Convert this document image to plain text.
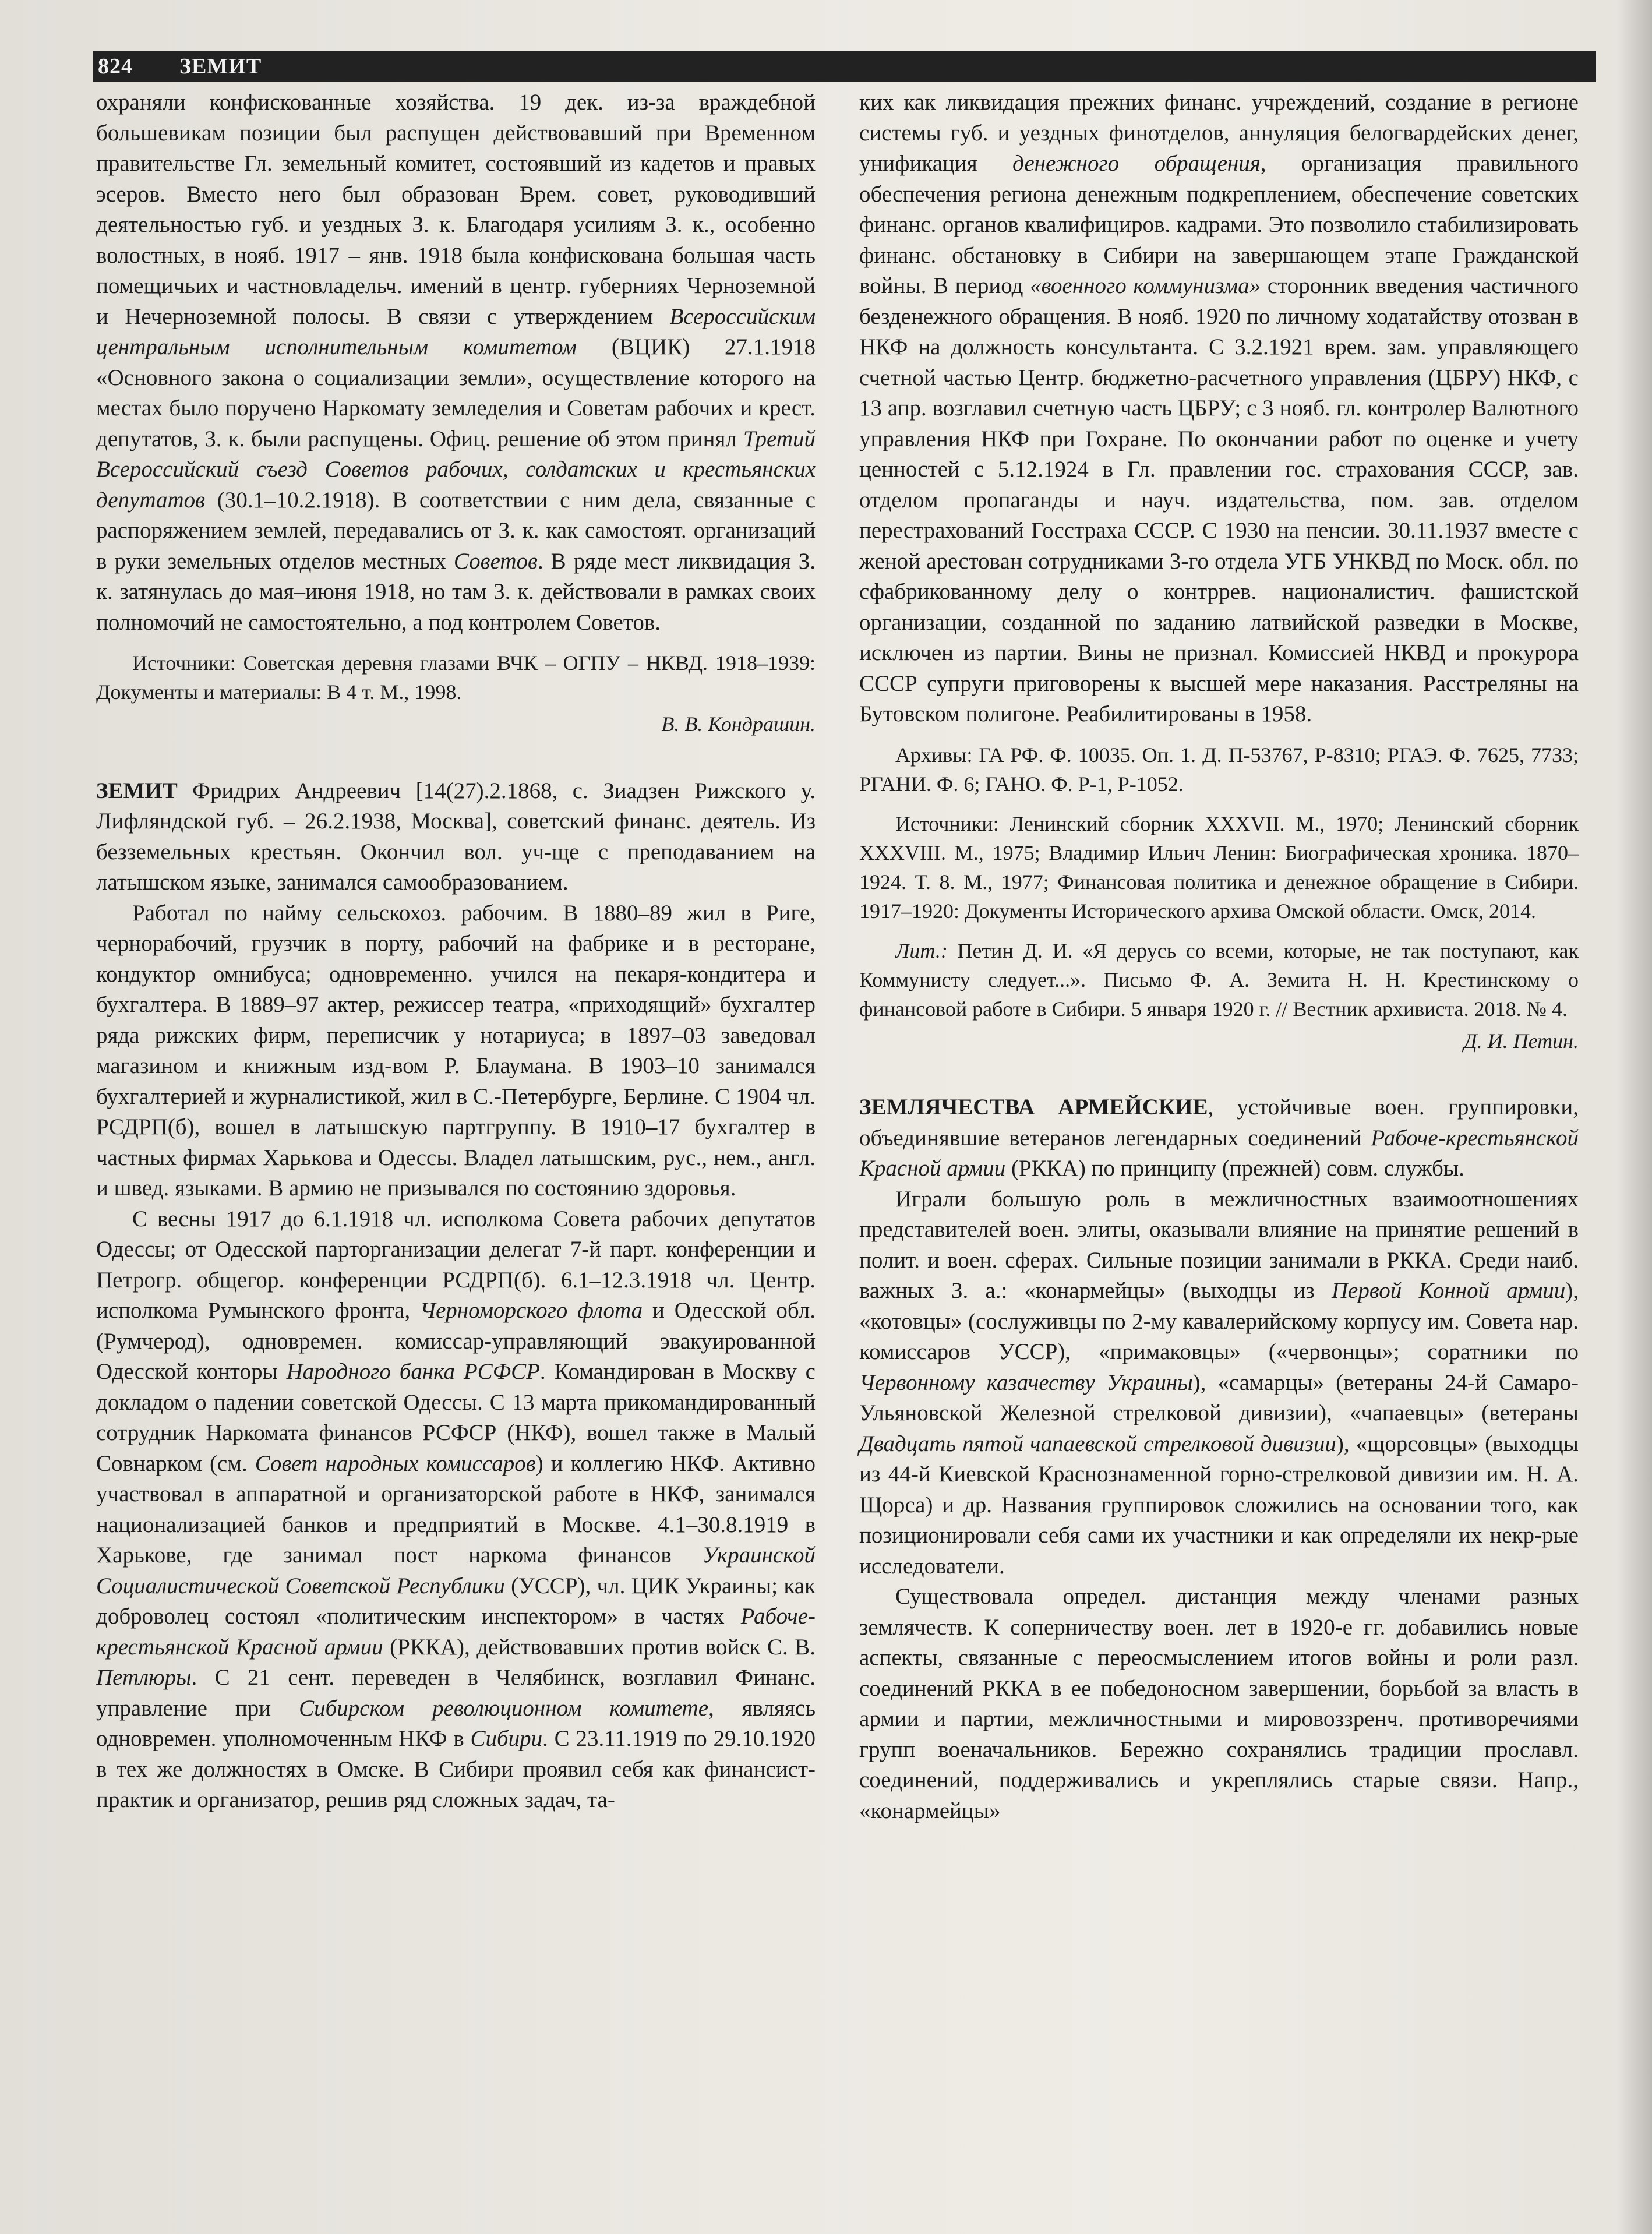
824 ЗЕМИТ

охраняли конфискованные хозяйства. 19 дек. из-за враждебной большевикам позиции был распущен действовавший при Временном правительстве Гл. земельный комитет, состоявший из кадетов и правых эсеров. Вместо него был образован Врем. совет, руководивший деятельностью губ. и уездных З. к. Благодаря усилиям З. к., особенно волостных, в нояб. 1917 – янв. 1918 была конфискована большая часть помещичьих и частновладельч. имений в центр. губерниях Черноземной и Нечерноземной полосы. В связи с утверждением Всероссийским центральным исполнительным комитетом (ВЦИК) 27.1.1918 «Основного закона о социализации земли», осуществление которого на местах было поручено Наркомату земледелия и Советам рабочих и крест. депутатов, З. к. были распущены. Офиц. решение об этом принял Третий Всероссийский съезд Советов рабочих, солдатских и крестьянских депутатов (30.1–10.2.1918). В соответствии с ним дела, связанные с распоряжением землей, передавались от З. к. как самостоят. организаций в руки земельных отделов местных Советов. В ряде мест ликвидация З. к. затянулась до мая–июня 1918, но там З. к. действовали в рамках своих полномочий не самостоятельно, а под контролем Советов.

Источники: Советская деревня глазами ВЧК – ОГПУ – НКВД. 1918–1939: Документы и материалы: В 4 т. М., 1998.

В. В. Кондрашин.

ЗЕМИТ Фридрих Андреевич [14(27).2.1868, с. Зиадзен Рижского у. Лифляндской губ. – 26.2.1938, Москва], советский финанс. деятель. Из безземельных крестьян. Окончил вол. уч-ще с преподаванием на латышском языке, занимался самообразованием.

Работал по найму сельскохоз. рабочим. В 1880–89 жил в Риге, чернорабочий, грузчик в порту, рабочий на фабрике и в ресторане, кондуктор омнибуса; одновременно. учился на пекаря-кондитера и бухгалтера. В 1889–97 актер, режиссер театра, «приходящий» бухгалтер ряда рижских фирм, переписчик у нотариуса; в 1897–03 заведовал магазином и книжным изд-вом Р. Блаумана. В 1903–10 занимался бухгалтерией и журналистикой, жил в С.-Петербурге, Берлине. С 1904 чл. РСДРП(б), вошел в латышскую партгруппу. В 1910–17 бухгалтер в частных фирмах Харькова и Одессы. Владел латышским, рус., нем., англ. и швед. языками. В армию не призывался по состоянию здоровья.

С весны 1917 до 6.1.1918 чл. исполкома Совета рабочих депутатов Одессы; от Одесской парторганизации делегат 7-й парт. конференции и Петрогр. общегор. конференции РСДРП(б). 6.1–12.3.1918 чл. Центр. исполкома Румынского фронта, Черноморского флота и Одесской обл. (Румчерод), одновремен. комиссар-управляющий эвакуированной Одесской конторы Народного банка РСФСР. Командирован в Москву с докладом о падении советской Одессы. С 13 марта прикомандированный сотрудник Наркомата финансов РСФСР (НКФ), вошел также в Малый Совнарком (см. Совет народных комиссаров) и коллегию НКФ. Активно участвовал в аппаратной и организаторской работе в НКФ, занимался национализацией банков и предприятий в Москве. 4.1–30.8.1919 в Харькове, где занимал пост наркома финансов Украинской Социалистической Советской Республики (УССР), чл. ЦИК Украины; как доброволец состоял «политическим инспектором» в частях Рабоче-крестьянской Красной армии (РККА), действовавших против войск С. В. Петлюры. С 21 сент. переведен в Челябинск, возглавил Финанс. управление при Сибирском революционном комитете, являясь одновремен. уполномоченным НКФ в Сибири. С 23.11.1919 по 29.10.1920 в тех же должностях в Омске. В Сибири проявил себя как финансист-практик и организатор, решив ряд сложных задач, та-

ких как ликвидация прежних финанс. учреждений, создание в регионе системы губ. и уездных финотделов, аннуляция белогвардейских денег, унификация денежного обращения, организация правильного обеспечения региона денежным подкреплением, обеспечение советских финанс. органов квалифициров. кадрами. Это позволило стабилизировать финанс. обстановку в Сибири на завершающем этапе Гражданской войны. В период «военного коммунизма» сторонник введения частичного безденежного обращения. В нояб. 1920 по личному ходатайству отозван в НКФ на должность консультанта. С 3.2.1921 врем. зам. управляющего счетной частью Центр. бюджетно-расчетного управления (ЦБРУ) НКФ, с 13 апр. возглавил счетную часть ЦБРУ; с 3 нояб. гл. контролер Валютного управления НКФ при Гохране. По окончании работ по оценке и учету ценностей с 5.12.1924 в Гл. правлении гос. страхования СССР, зав. отделом пропаганды и науч. издательства, пом. зав. отделом перестрахований Госстраха СССР. С 1930 на пенсии. 30.11.1937 вместе с женой арестован сотрудниками 3-го отдела УГБ УНКВД по Моск. обл. по сфабрикованному делу о контррев. националистич. фашистской организации, созданной по заданию латвийской разведки в Москве, исключен из партии. Вины не признал. Комиссией НКВД и прокурора СССР супруги приговорены к высшей мере наказания. Расстреляны на Бутовском полигоне. Реабилитированы в 1958.

Архивы: ГА РФ. Ф. 10035. Оп. 1. Д. П-53767, Р-8310; РГАЭ. Ф. 7625, 7733; РГАНИ. Ф. 6; ГАНО. Ф. Р-1, Р-1052.

Источники: Ленинский сборник XXXVII. М., 1970; Ленинский сборник XXXVIII. М., 1975; Владимир Ильич Ленин: Биографическая хроника. 1870–1924. Т. 8. М., 1977; Финансовая политика и денежное обращение в Сибири. 1917–1920: Документы Исторического архива Омской области. Омск, 2014.

Лит.: Петин Д. И. «Я дерусь со всеми, которые, не так поступают, как Коммунисту следует...». Письмо Ф. А. Земита Н. Н. Крестинскому о финансовой работе в Сибири. 5 января 1920 г. // Вестник архивиста. 2018. № 4.

Д. И. Петин.

ЗЕМЛЯЧЕСТВА АРМЕЙСКИЕ, устойчивые воен. группировки, объединявшие ветеранов легендарных соединений Рабоче-крестьянской Красной армии (РККА) по принципу (прежней) совм. службы.

Играли большую роль в межличностных взаимоотношениях представителей воен. элиты, оказывали влияние на принятие решений в полит. и воен. сферах. Сильные позиции занимали в РККА. Среди наиб. важных З. а.: «конармейцы» (выходцы из Первой Конной армии), «котовцы» (сослуживцы по 2-му кавалерийскому корпусу им. Совета нар. комиссаров УССР), «примаковцы» («червонцы»; соратники по Червонному казачеству Украины), «самарцы» (ветераны 24-й Самаро-Ульяновской Железной стрелковой дивизии), «чапаевцы» (ветераны Двадцать пятой чапаевской стрелковой дивизии), «щорсовцы» (выходцы из 44-й Киевской Краснознаменной горно-стрелковой дивизии им. Н. А. Щорса) и др. Названия группировок сложились на основании того, как позиционировали себя сами их участники и как определяли их некр-рые исследователи.

Существовала определ. дистанция между членами разных землячеств. К соперничеству воен. лет в 1920-е гг. добавились новые аспекты, связанные с переосмыслением итогов войны и роли разл. соединений РККА в ее победоносном завершении, борьбой за власть в армии и партии, межличностными и мировоззренч. противоречиями групп военачальников. Бережно сохранялись традиции прославл. соединений, поддерживались и укреплялись старые связи. Напр., «конармейцы»
